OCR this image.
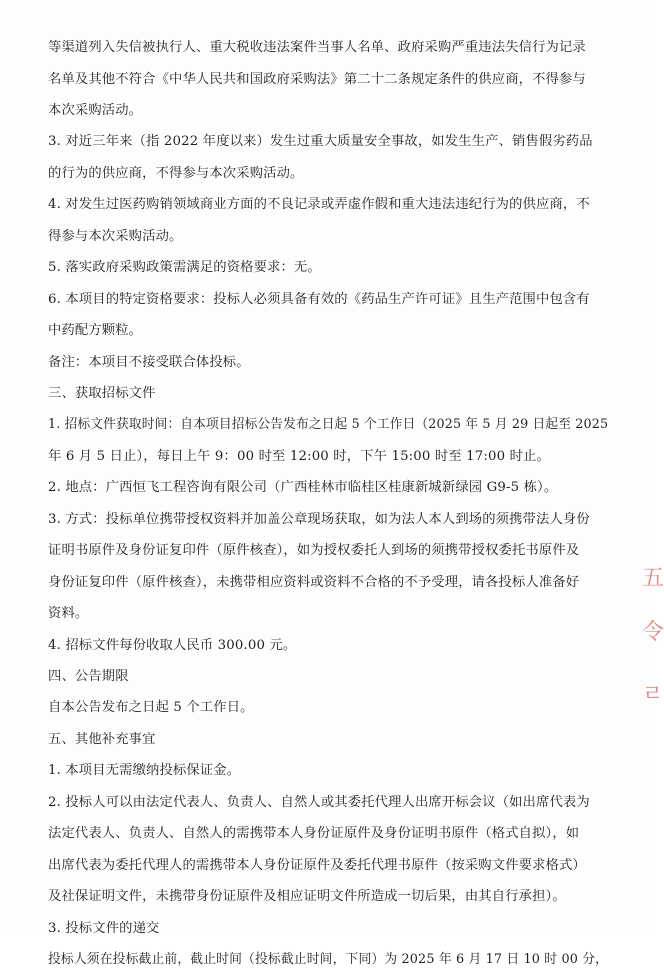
等渠道列入失信被执行人、重大税收违法案件当事人名单、政府采购严重违法失信行为记录
名单及其他不符合《中华人民共和国政府采购法》第二十二条规定条件的供应商，不得参与
本次采购活动。
3. 对近三年来（指 2022 年度以来）发生过重大质量安全事故，如发生生产、销售假劣药品
的行为的供应商，不得参与本次采购活动。
4. 对发生过医药购销领域商业方面的不良记录或弄虚作假和重大违法违纪行为的供应商，不
得参与本次采购活动。
5. 落实政府采购政策需满足的资格要求：无。
6. 本项目的特定资格要求：投标人必须具备有效的《药品生产许可证》且生产范围中包含有
中药配方颗粒。
备注：本项目不接受联合体投标。
三、获取招标文件
1. 招标文件获取时间：自本项目招标公告发布之日起 5 个工作日（2025 年 5 月 29 日起至 2025
年 6 月 5 日止），每日上午 9：00 时至 12:00 时，下午 15:00 时至 17:00 时止。
2. 地点：广西恒飞工程咨询有限公司（广西桂林市临桂区桂康新城新绿园 G9-5 栋）。
3. 方式：投标单位携带授权资料并加盖公章现场获取，如为法人本人到场的须携带法人身份
证明书原件及身份证复印件（原件核查），如为授权委托人到场的须携带授权委托书原件及
身份证复印件（原件核查），未携带相应资料或资料不合格的不予受理，请各投标人准备好
资料。
4. 招标文件每份收取人民币 300.00 元。
四、公告期限
自本公告发布之日起 5 个工作日。
五、其他补充事宜
1. 本项目无需缴纳投标保证金。
2. 投标人可以由法定代表人、负责人、自然人或其委托代理人出席开标会议（如出席代表为
法定代表人、负责人、自然人的需携带本人身份证原件及身份证明书原件（格式自拟），如
出席代表为委托代理人的需携带本人身份证原件及委托代理书原件（按采购文件要求格式）
及社保证明文件，未携带身份证原件及相应证明文件所造成一切后果，由其自行承担）。
3. 投标文件的递交
投标人须在投标截止前，截止时间（投标截止时间，下同）为 2025 年 6 月 17 日 10 时 00 分，
五
令
ㄹ
